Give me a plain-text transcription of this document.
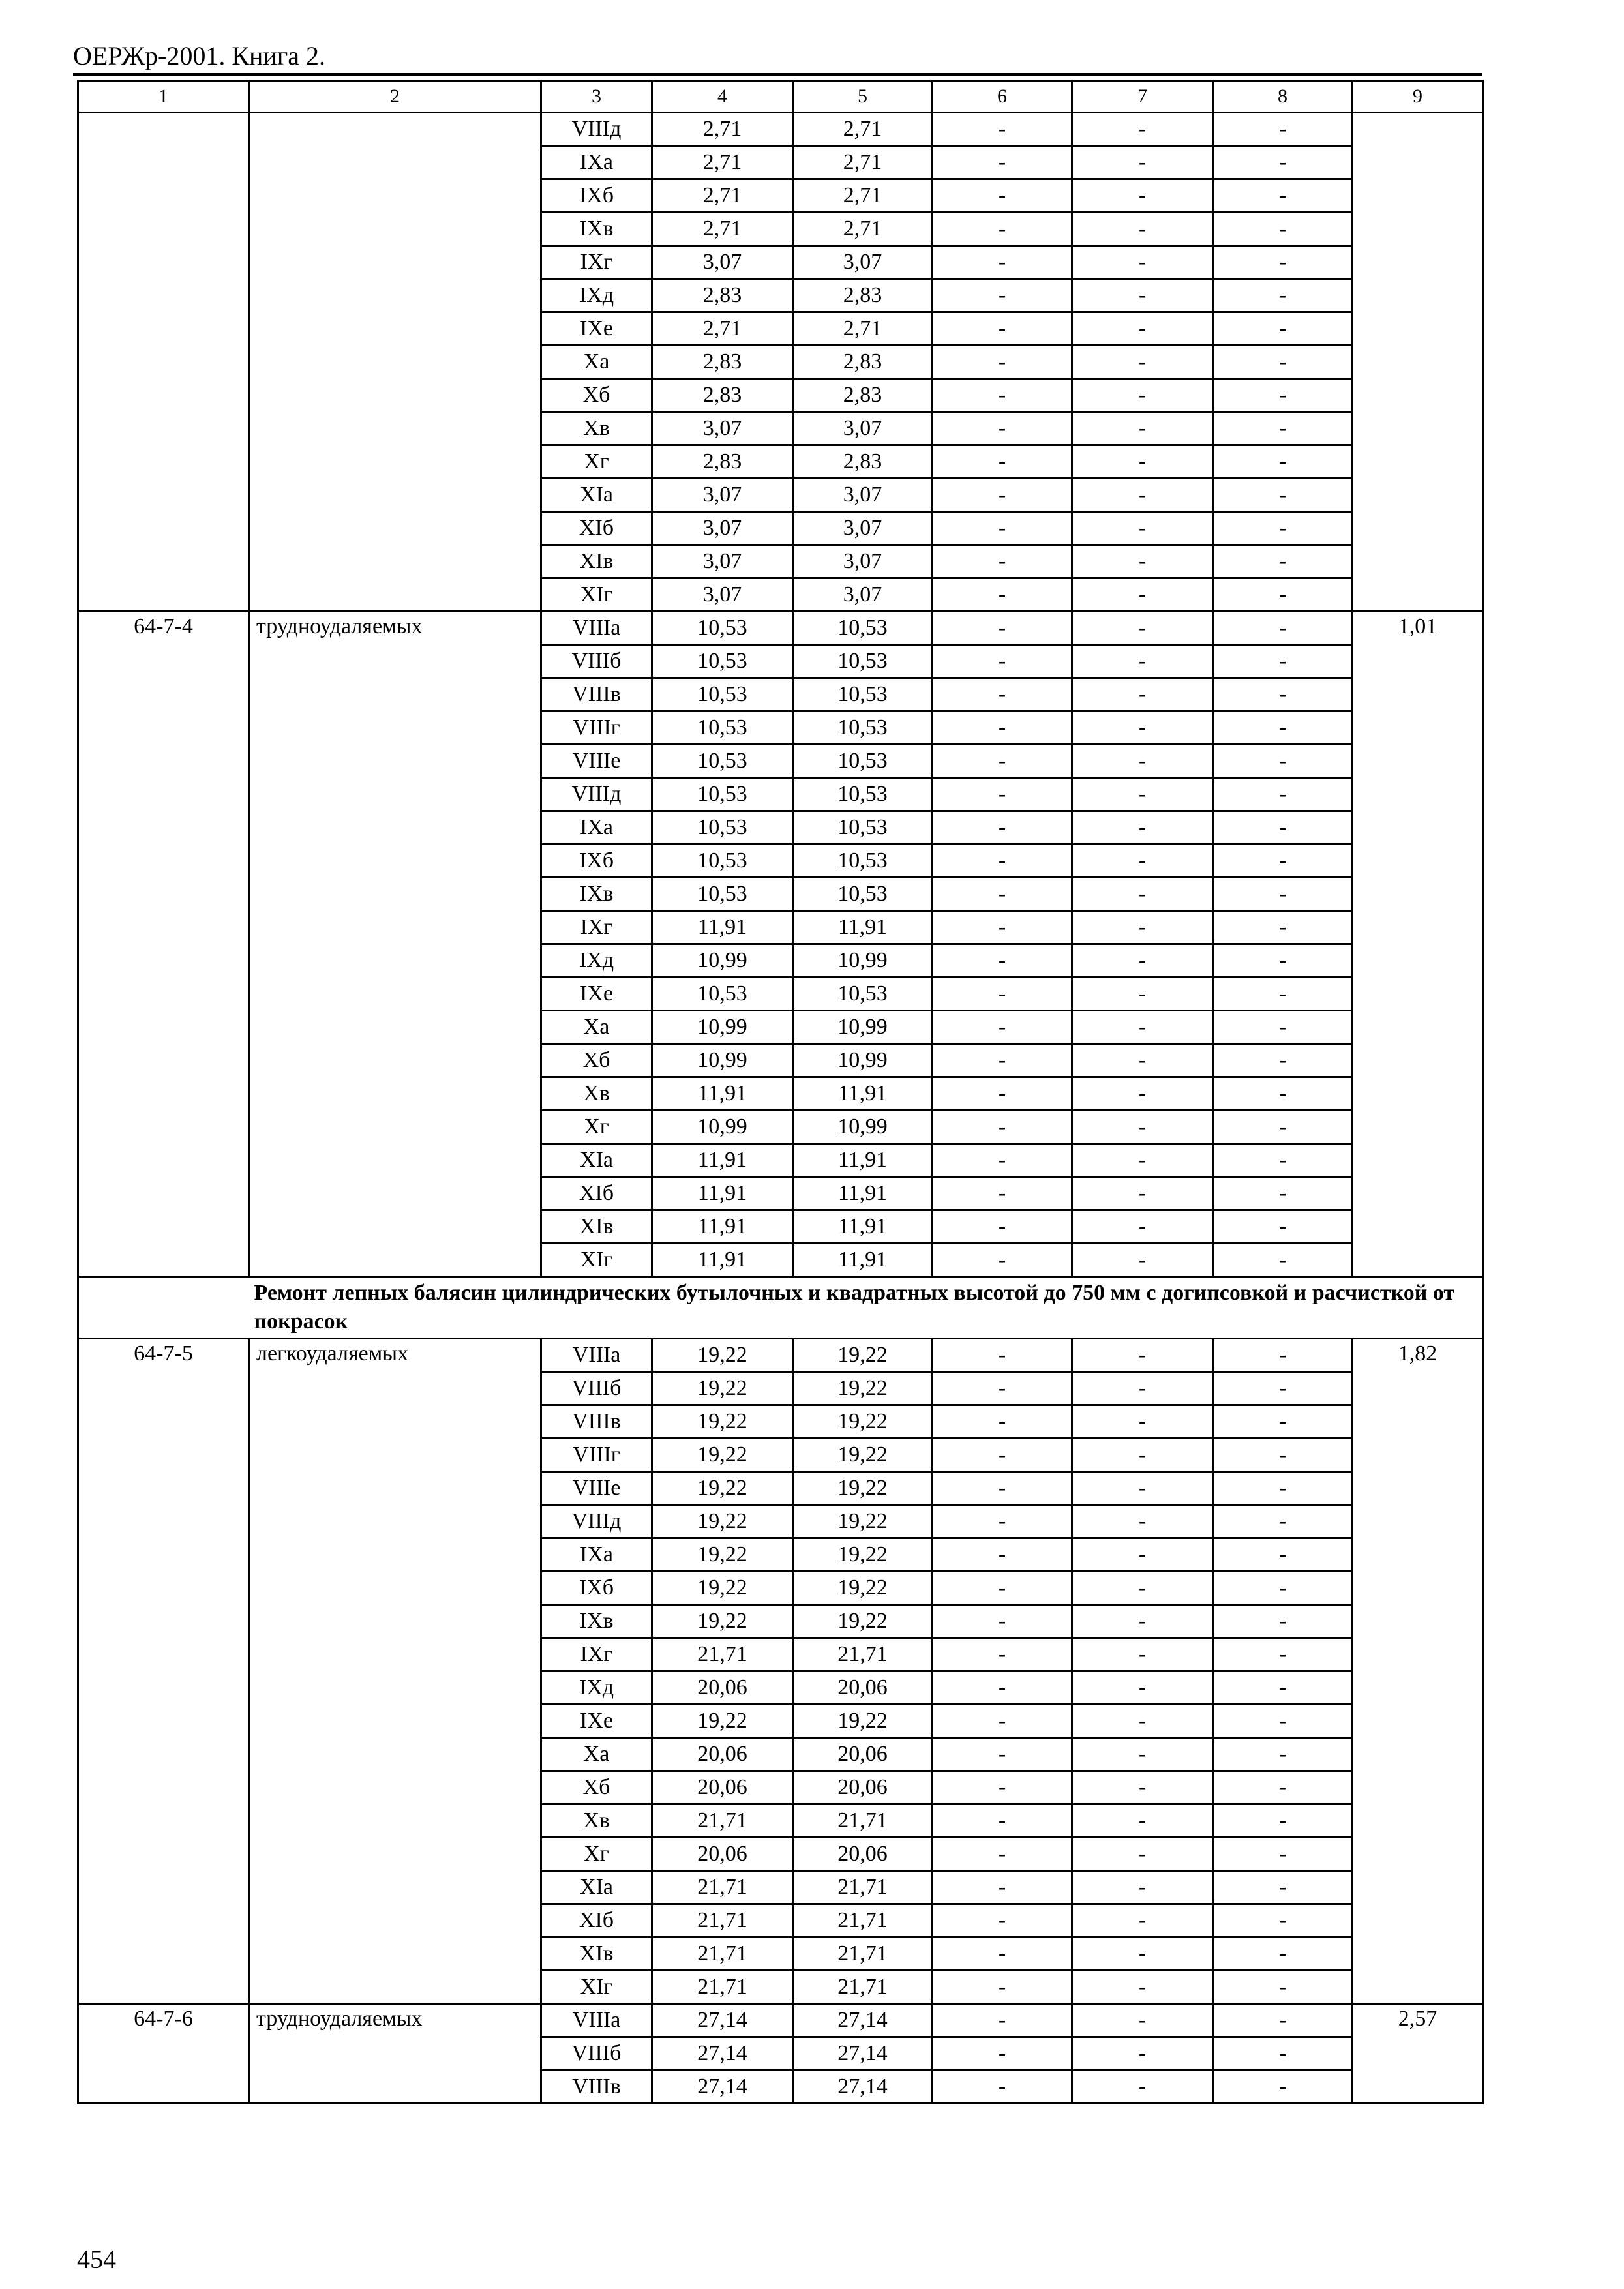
ОЕРЖр-2001. Книга 2.
1	2	3	4	5	6	7	8	9
		VIIIд	2,71	2,71	-	-	-	
		IXа	2,71	2,71	-	-	-	
		IXб	2,71	2,71	-	-	-	
		IXв	2,71	2,71	-	-	-	
		IXг	3,07	3,07	-	-	-	
		IXд	2,83	2,83	-	-	-	
		IXе	2,71	2,71	-	-	-	
		Xа	2,83	2,83	-	-	-	
		Xб	2,83	2,83	-	-	-	
		Xв	3,07	3,07	-	-	-	
		Xг	2,83	2,83	-	-	-	
		XIа	3,07	3,07	-	-	-	
		XIб	3,07	3,07	-	-	-	
		XIв	3,07	3,07	-	-	-	
		XIг	3,07	3,07	-	-	-	
64-7-4	трудноудаляемых	VIIIа	10,53	10,53	-	-	-	1,01
		VIIIб	10,53	10,53	-	-	-	
		VIIIв	10,53	10,53	-	-	-	
		VIIIг	10,53	10,53	-	-	-	
		VIIIе	10,53	10,53	-	-	-	
		VIIIд	10,53	10,53	-	-	-	
		IXа	10,53	10,53	-	-	-	
		IXб	10,53	10,53	-	-	-	
		IXв	10,53	10,53	-	-	-	
		IXг	11,91	11,91	-	-	-	
		IXд	10,99	10,99	-	-	-	
		IXе	10,53	10,53	-	-	-	
		Xа	10,99	10,99	-	-	-	
		Xб	10,99	10,99	-	-	-	
		Xв	11,91	11,91	-	-	-	
		Xг	10,99	10,99	-	-	-	
		XIа	11,91	11,91	-	-	-	
		XIб	11,91	11,91	-	-	-	
		XIв	11,91	11,91	-	-	-	
		XIг	11,91	11,91	-	-	-	
	Ремонт лепных балясин цилиндрических бутылочных и квадратных высотой до 750 мм с догипсовкой и расчисткой от покрасок							
64-7-5	легкоудаляемых	VIIIа	19,22	19,22	-	-	-	1,82
		VIIIб	19,22	19,22	-	-	-	
		VIIIв	19,22	19,22	-	-	-	
		VIIIг	19,22	19,22	-	-	-	
		VIIIе	19,22	19,22	-	-	-	
		VIIIд	19,22	19,22	-	-	-	
		IXа	19,22	19,22	-	-	-	
		IXб	19,22	19,22	-	-	-	
		IXв	19,22	19,22	-	-	-	
		IXг	21,71	21,71	-	-	-	
		IXд	20,06	20,06	-	-	-	
		IXе	19,22	19,22	-	-	-	
		Xа	20,06	20,06	-	-	-	
		Xб	20,06	20,06	-	-	-	
		Xв	21,71	21,71	-	-	-	
		Xг	20,06	20,06	-	-	-	
		XIа	21,71	21,71	-	-	-	
		XIб	21,71	21,71	-	-	-	
		XIв	21,71	21,71	-	-	-	
		XIг	21,71	21,71	-	-	-	
64-7-6	трудноудаляемых	VIIIа	27,14	27,14	-	-	-	2,57
		VIIIб	27,14	27,14	-	-	-	
		VIIIв	27,14	27,14	-	-	-	
454
